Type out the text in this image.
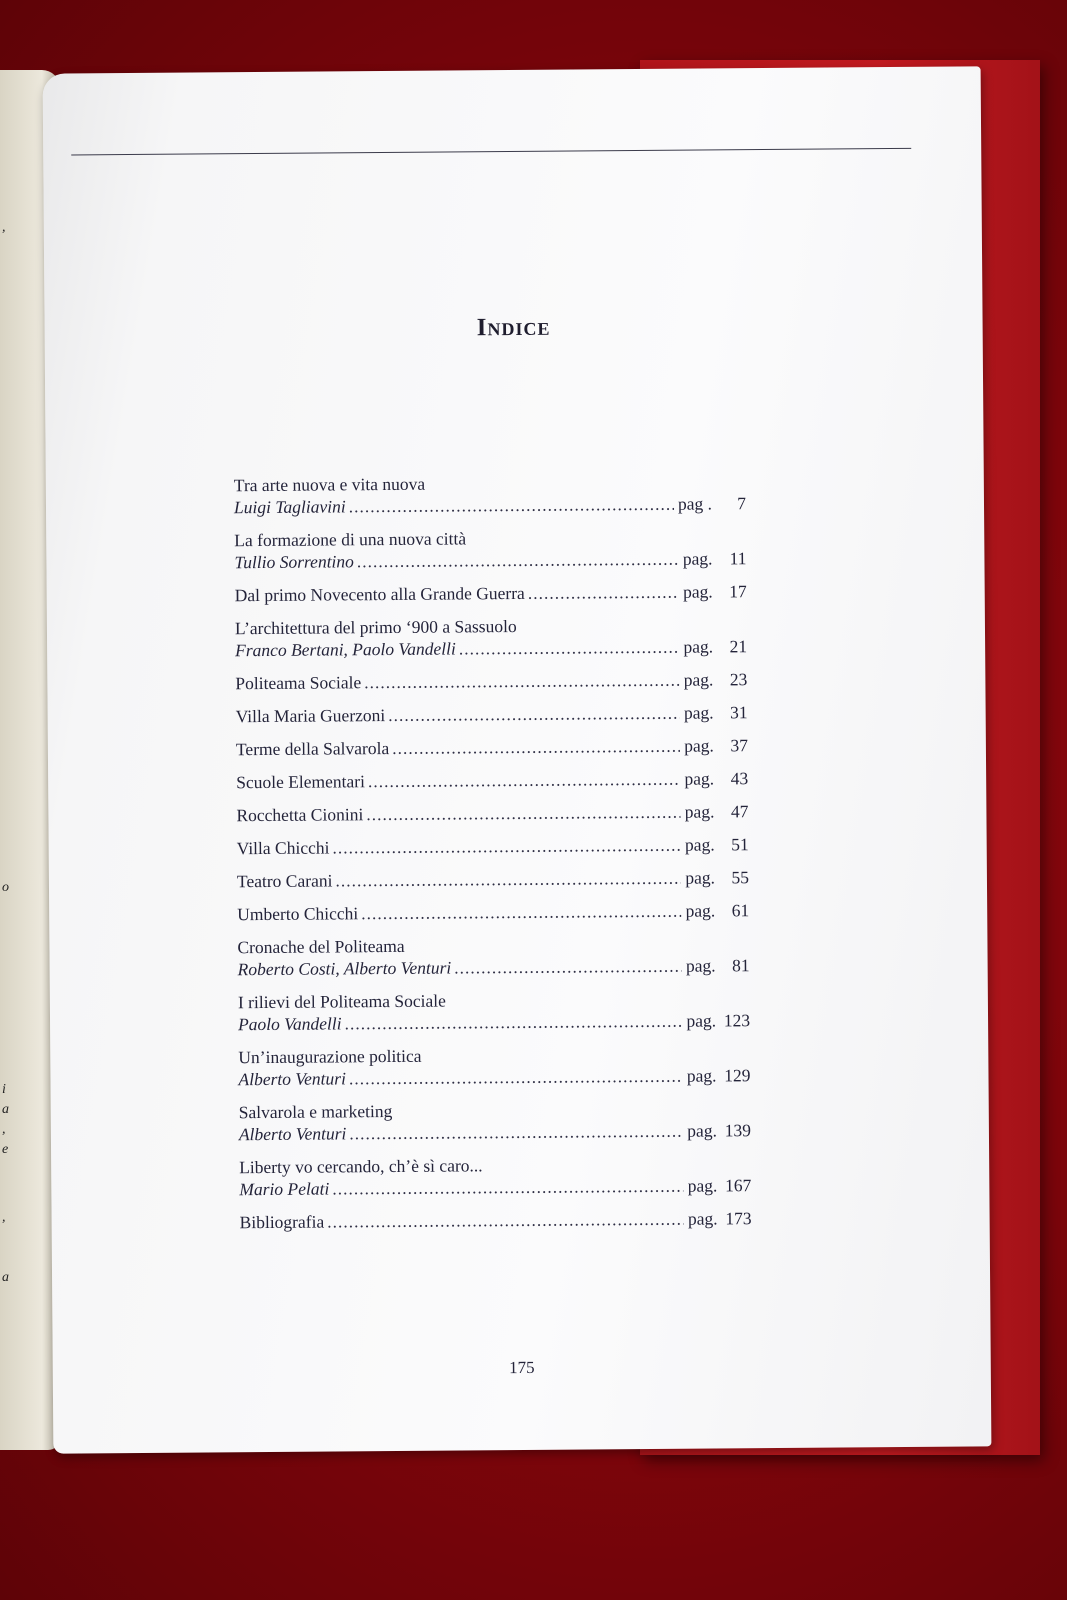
,
o
i
a
,
e
,
a
Indice
Tra arte nuova e vita nuova
Luigi Tagliavini .....	pag . 7
La formazione di una nuova città
Tullio Sorrentino .....	pag. 11
Dal primo Novecento alla Grande Guerra .....	pag. 17
L’architettura del primo ‘900 a Sassuolo
Franco Bertani, Paolo Vandelli .....	pag. 21
Politeama Sociale .....	pag. 23
Villa Maria Guerzoni .....	pag. 31
Terme della Salvarola .....	pag. 37
Scuole Elementari .....	pag. 43
Rocchetta Cionini .....	pag. 47
Villa Chicchi .....	pag. 51
Teatro Carani .....	pag. 55
Umberto Chicchi .....	pag. 61
Cronache del Politeama
Roberto Costi, Alberto Venturi .....	pag. 81
I rilievi del Politeama Sociale
Paolo Vandelli .....	pag. 123
Un’inaugurazione politica
Alberto Venturi .....	pag. 129
Salvarola e marketing
Alberto Venturi .....	pag. 139
Liberty vo cercando, ch’è sì caro...
Mario Pelati .....	pag. 167
Bibliografia .....	pag. 173
175
